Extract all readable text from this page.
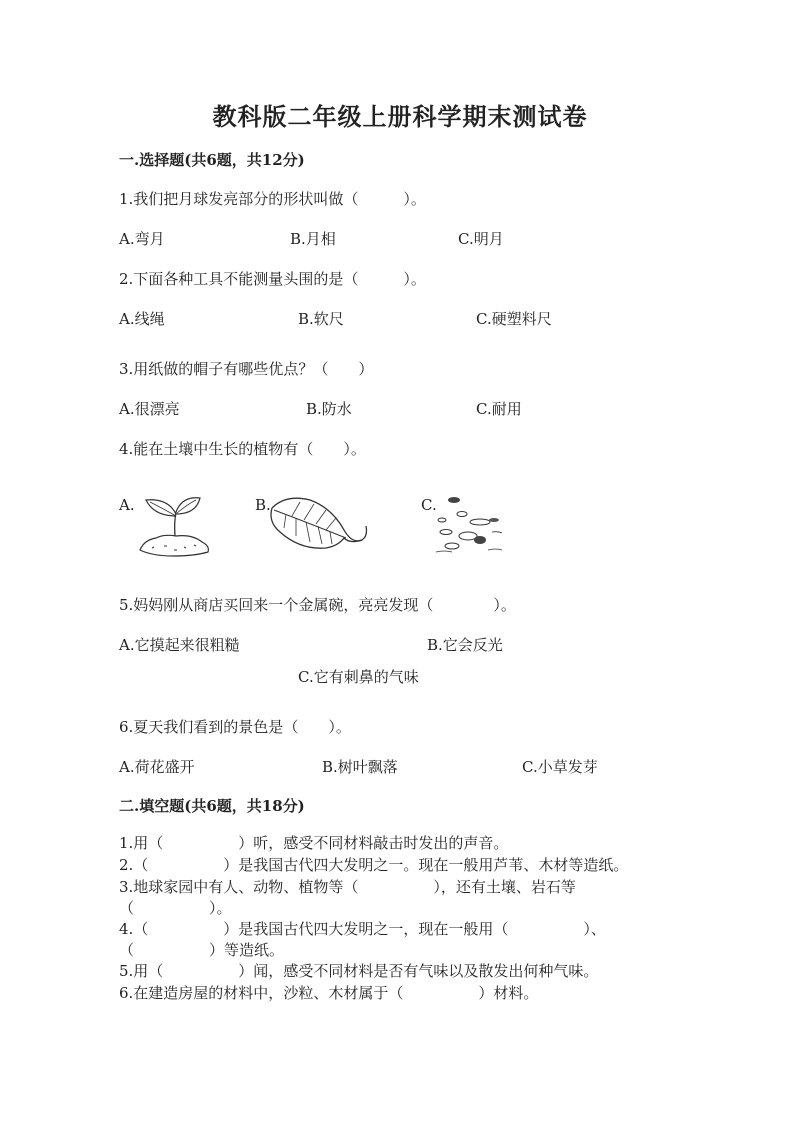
教科版二年级上册科学期末测试卷
一.选择题(共6题，共12分)
1.我们把月球发亮部分的形状叫做（　　　）。
A.弯月	B.月相	C.明月
2.下面各种工具不能测量头围的是（　　　）。
A.线绳	B.软尺	C.硬塑料尺
3.用纸做的帽子有哪些优点？（　　）
A.很漂亮	B.防水	C.耐用
4.能在土壤中生长的植物有（　　）。
A.	B.	C.
5.妈妈刚从商店买回来一个金属碗，亮亮发现（　　　　）。
A.它摸起来很粗糙	B.它会反光
C.它有刺鼻的气味
6.夏天我们看到的景色是（　　）。
A.荷花盛开	B.树叶飘落	C.小草发芽
二.填空题(共6题，共18分)
1.用（　　　　　）听，感受不同材料敲击时发出的声音。
2.（　　　　　）是我国古代四大发明之一。现在一般用芦苇、木材等造纸。
3.地球家园中有人、动物、植物等（　　　　　），还有土壤、岩石等
（　　　　　）。
4.（　　　　　）是我国古代四大发明之一，现在一般用（　　　　　）、
（　　　　　）等造纸。
5.用（　　　　　）闻，感受不同材料是否有气味以及散发出何种气味。
6.在建造房屋的材料中，沙粒、木材属于（　　　　　）材料。
